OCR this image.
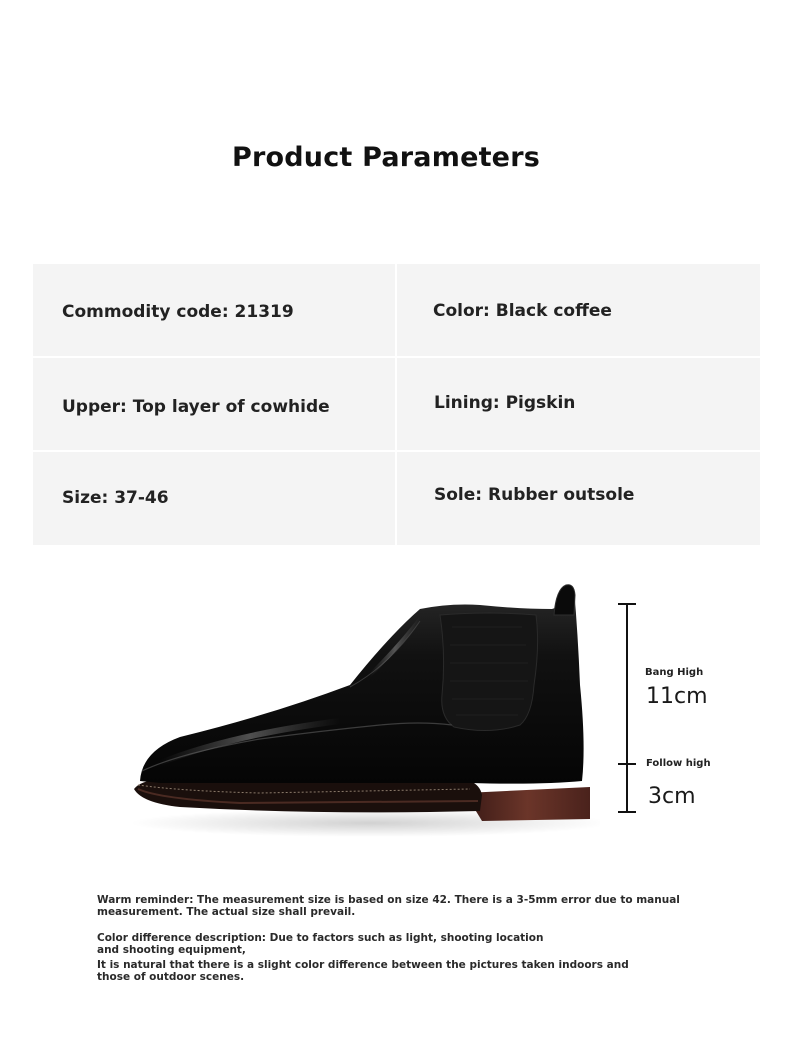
Product Parameters
Commodity code: 21319	Color: Black coffee
Upper: Top layer of cowhide	Lining: Pigskin
Size: 37-46	Sole: Rubber outsole
Bang High
11cm
Follow high
3cm

Warm reminder: The measurement size is based on size 42. There is a 3-5mm error due to manual measurement. The actual size shall prevail.

Color difference description: Due to factors such as light, shooting location and shooting equipment,

It is natural that there is a slight color difference between the pictures taken indoors and those of outdoor scenes.
